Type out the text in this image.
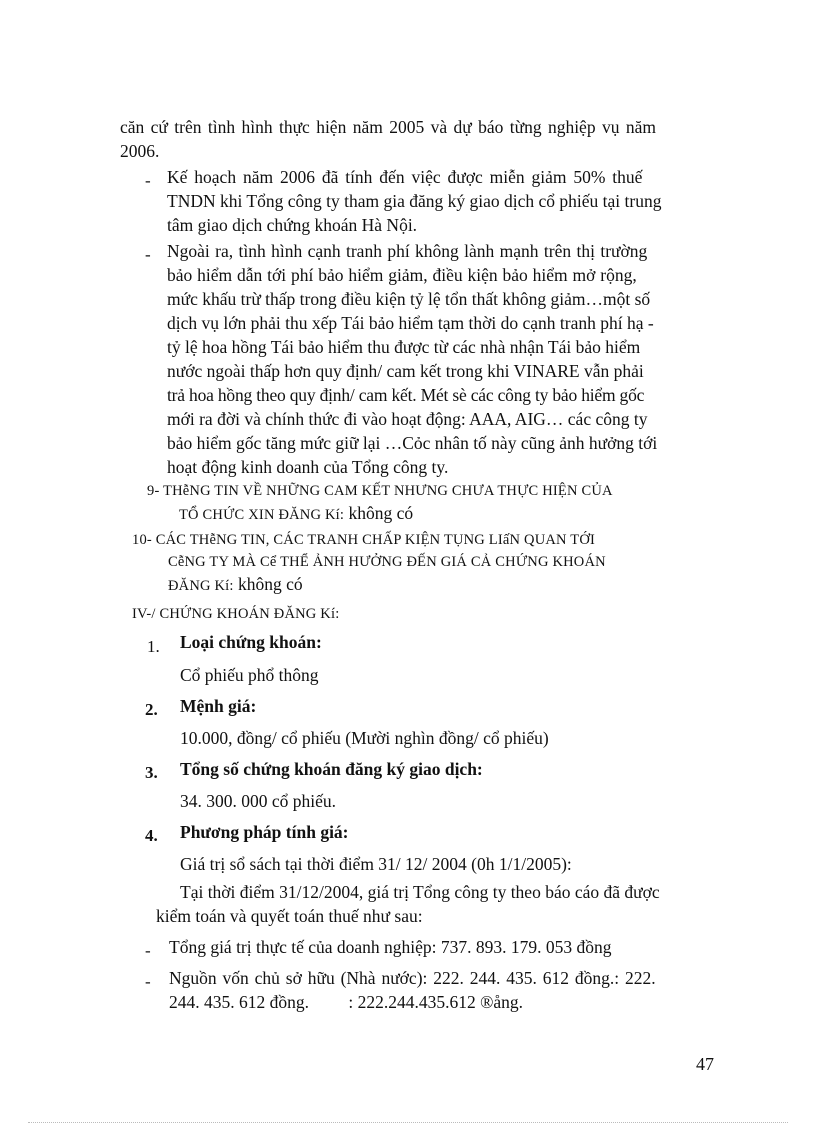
căn cứ trên tình hình thực hiện năm 2005 và dự báo từng nghiệp vụ năm
2006.
- Kế hoạch năm 2006 đã tính đến việc được miễn giảm 50% thuế
TNDN khi Tổng công ty tham gia đăng ký giao dịch cổ phiếu tại trung
tâm giao dịch chứng khoán Hà Nội.
- Ngoài ra, tình hình cạnh tranh phí không lành mạnh trên thị trường
bảo hiểm dẫn tới phí bảo hiểm giảm, điều kiện bảo hiểm mở rộng,
mức khấu trừ thấp trong điều kiện tỷ lệ tổn thất không giảm…một số
dịch vụ lớn phải thu xếp Tái bảo hiểm tạm thời do cạnh tranh phí hạ -
tỷ lệ hoa hồng Tái bảo hiểm thu được từ các nhà nhận Tái bảo hiểm
nước ngoài thấp hơn quy định/ cam kết trong khi VINARE vẫn phải
trả hoa hồng theo quy định/ cam kết. Mét sè các công ty bảo hiểm gốc
mới ra đời và chính thức đi vào hoạt động: AAA, AIG… các công ty
bảo hiểm gốc tăng mức giữ lại …Cỏc nhân tố này cũng ảnh hưởng tới
hoạt động kinh doanh của Tổng công ty.
9- THễNG TIN VỀ NHỮNG CAM KẾT NHƯNG CHƯA THỰC HIỆN CỦA
TỔ CHỨC XIN ĐĂNG Kí: không có
10- CÁC THễNG TIN, CÁC TRANH CHẤP KIỆN TỤNG LIấN QUAN TỚI
CễNG TY MÀ Cể THỂ ẢNH HƯỞNG ĐẾN GIÁ CẢ CHỨNG KHOÁN
ĐĂNG Kí: không có
IV-/ CHỨNG KHOÁN ĐĂNG Kí:
1. Loại chứng khoán:
Cổ phiếu phổ thông
2. Mệnh giá:
10.000, đồng/ cổ phiếu (Mười nghìn đồng/ cổ phiếu)
3. Tổng số chứng khoán đăng ký giao dịch:
34. 300. 000 cổ phiếu.
4. Phương pháp tính giá:
Giá trị sổ sách tại thời điểm 31/ 12/ 2004 (0h 1/1/2005):
Tại thời điểm 31/12/2004, giá trị Tổng công ty theo báo cáo đã được
kiểm toán và quyết toán thuế như sau:
- Tổng giá trị thực tế của doanh nghiệp: 737. 893. 179. 053 đồng
- Nguồn vốn chủ sở hữu (Nhà nước): 222. 244. 435. 612 đồng.: 222.
244. 435. 612 đồng.         : 222.244.435.612 ®ång.
47
